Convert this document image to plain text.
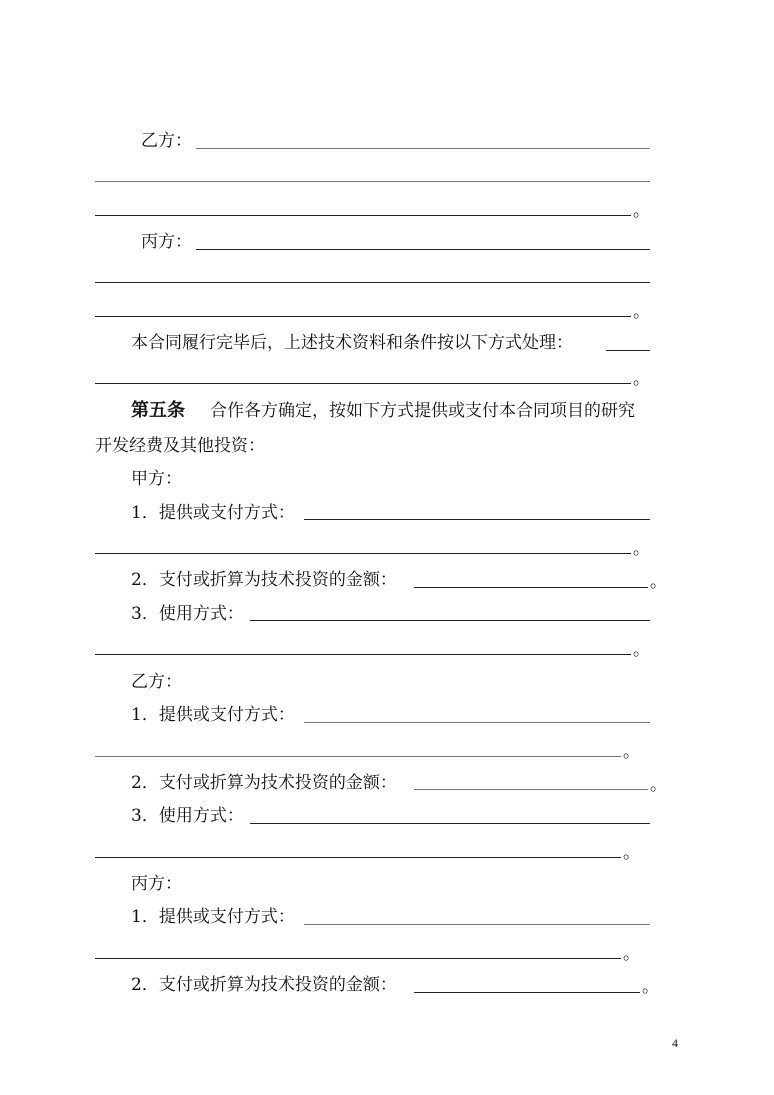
乙方：
。
丙方：
。
本合同履行完毕后，上述技术资料和条件按以下方式处理：
。
第五条 合作各方确定，按如下方式提供或支付本合同项目的研究
开发经费及其他投资：
甲方：
1．提供或支付方式：
。
2．支付或折算为技术投资的金额：	。
3．使用方式：
。
乙方：
1．提供或支付方式：
。
2．支付或折算为技术投资的金额：	。
3．使用方式：
。
丙方：
1．提供或支付方式：
。
2．支付或折算为技术投资的金额：	。
4
